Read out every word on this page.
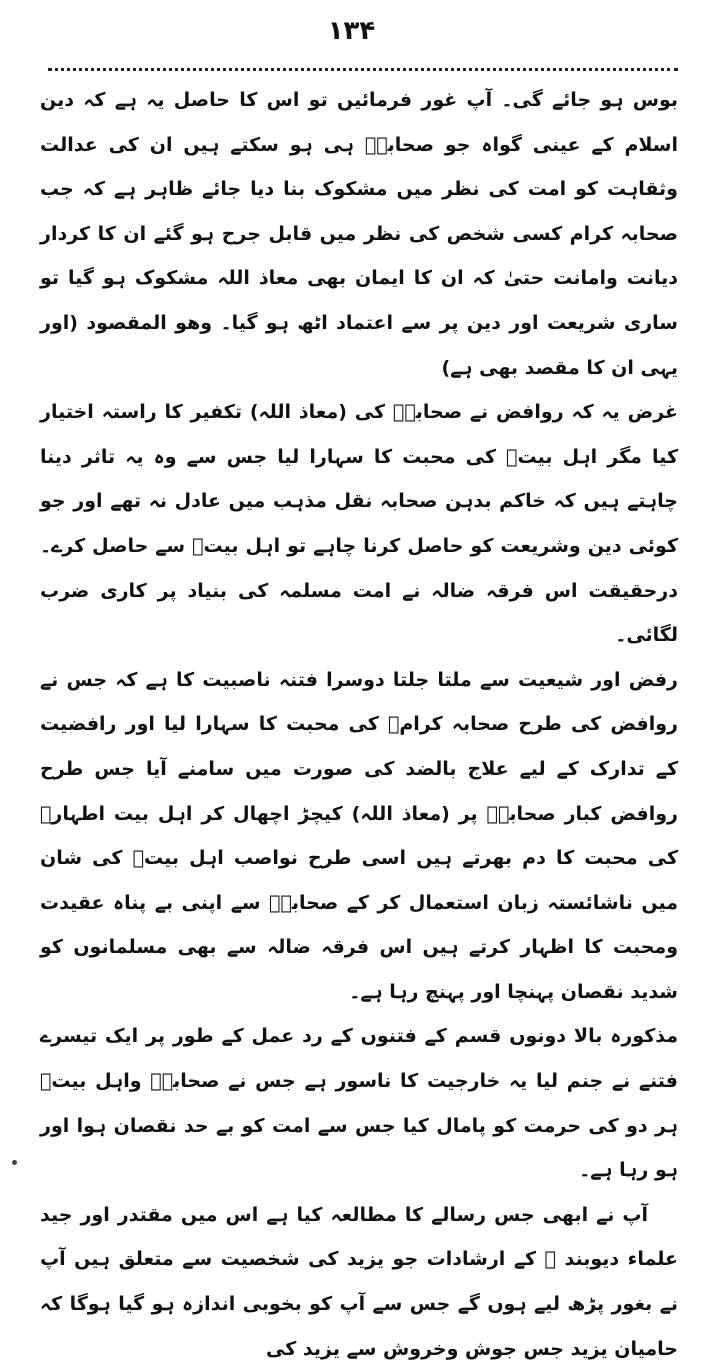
۱۳۴

بوس ہو جائے گی۔ آپ غور فرمائیں تو اس کا حاصل یہ ہے کہ دین اسلام کے عینی گواہ جو صحابہؓ ہی ہو سکتے ہیں ان کی عدالت وثقاہت کو امت کی نظر میں مشکوک بنا دیا جائے ظاہر ہے کہ جب صحابہ کرام کسی شخص کی نظر میں قابل جرح ہو گئے ان کا کردار دیانت وامانت حتیٰ کہ ان کا ایمان بھی معاذ اللہ مشکوک ہو گیا تو ساری شریعت اور دین پر سے اعتماد اٹھ ہو گیا۔ وھو المقصود (اور یہی ان کا مقصد بھی ہے)

غرض یہ کہ روافض نے صحابہؓ کی (معاذ اللہ) تکفیر کا راستہ اختیار کیا مگر اہل بیتؓ کی محبت کا سہارا لیا جس سے وہ یہ تاثر دینا چاہتے ہیں کہ خاکم بدہن صحابہ نقل مذہب میں عادل نہ تھے اور جو کوئی دین وشریعت کو حاصل کرنا چاہے تو اہل بیتؓ سے حاصل کرے۔ درحقیقت اس فرقہ ضالہ نے امت مسلمہ کی بنیاد پر کاری ضرب لگائی۔

رفض اور شیعیت سے ملتا جلتا دوسرا فتنہ ناصبیت کا ہے کہ جس نے روافض کی طرح صحابہ کرامؓ کی محبت کا سہارا لیا اور رافضیت کے تدارک کے لیے علاج بالضد کی صورت میں سامنے آیا جس طرح روافض کبار صحابہؓ پر (معاذ اللہ) کیچڑ اچھال کر اہل بیت اطہارؓ کی محبت کا دم بھرتے ہیں اسی طرح نواصب اہل بیتؓ کی شان میں ناشائستہ زبان استعمال کر کے صحابہؓ سے اپنی بے پناہ عقیدت ومحبت کا اظہار کرتے ہیں اس فرقہ ضالہ سے بھی مسلمانوں کو شدید نقصان پہنچا اور پہنچ رہا ہے۔

مذکورہ بالا دونوں قسم کے فتنوں کے رد عمل کے طور پر ایک تیسرے فتنے نے جنم لیا یہ خارجیت کا ناسور ہے جس نے صحابہؓ واہل بیتؓ ہر دو کی حرمت کو پامال کیا جس سے امت کو بے حد نقصان ہوا اور ہو رہا ہے۔

آپ نے ابھی جس رسالے کا مطالعہ کیا ہے اس میں مقتدر اور جید علماء دیوبند ﷫ کے ارشادات جو یزید کی شخصیت سے متعلق ہیں آپ نے بغور پڑھ لیے ہوں گے جس سے آپ کو بخوبی اندازہ ہو گیا ہوگا کہ حامیان یزید جس جوش وخروش سے یزید کی
